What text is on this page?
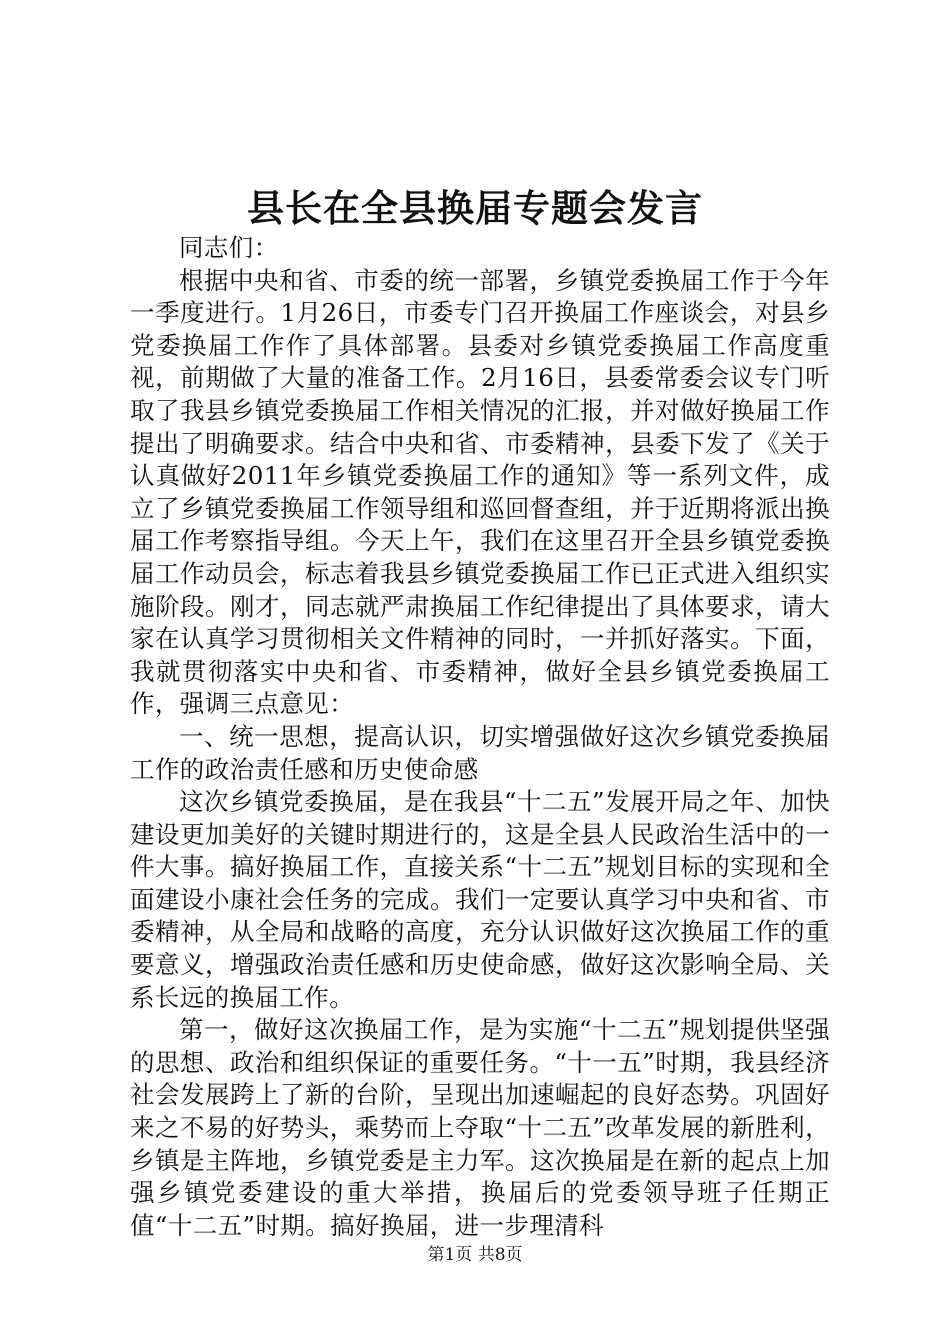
县长在全县换届专题会发言

同志们：

根据中央和省、市委的统一部署，乡镇党委换届工作于今年一季度进行。1月26日，市委专门召开换届工作座谈会，对县乡党委换届工作作了具体部署。县委对乡镇党委换届工作高度重视，前期做了大量的准备工作。2月16日，县委常委会议专门听取了我县乡镇党委换届工作相关情况的汇报，并对做好换届工作提出了明确要求。结合中央和省、市委精神，县委下发了《关于认真做好2011年乡镇党委换届工作的通知》等一系列文件，成立了乡镇党委换届工作领导组和巡回督查组，并于近期将派出换届工作考察指导组。今天上午，我们在这里召开全县乡镇党委换届工作动员会，标志着我县乡镇党委换届工作已正式进入组织实施阶段。刚才，同志就严肃换届工作纪律提出了具体要求，请大家在认真学习贯彻相关文件精神的同时，一并抓好落实。下面，我就贯彻落实中央和省、市委精神，做好全县乡镇党委换届工作，强调三点意见：

一、统一思想，提高认识，切实增强做好这次乡镇党委换届工作的政治责任感和历史使命感

这次乡镇党委换届，是在我县“十二五”发展开局之年、加快建设更加美好的关键时期进行的，这是全县人民政治生活中的一件大事。搞好换届工作，直接关系“十二五”规划目标的实现和全面建设小康社会任务的完成。我们一定要认真学习中央和省、市委精神，从全局和战略的高度，充分认识做好这次换届工作的重要意义，增强政治责任感和历史使命感，做好这次影响全局、关系长远的换届工作。

第一，做好这次换届工作，是为实施“十二五”规划提供坚强的思想、政治和组织保证的重要任务。“十一五”时期，我县经济社会发展跨上了新的台阶，呈现出加速崛起的良好态势。巩固好来之不易的好势头，乘势而上夺取“十二五”改革发展的新胜利，乡镇是主阵地，乡镇党委是主力军。这次换届是在新的起点上加强乡镇党委建设的重大举措，换届后的党委领导班子任期正值“十二五”时期。搞好换届，进一步理清科

第1页 共8页
